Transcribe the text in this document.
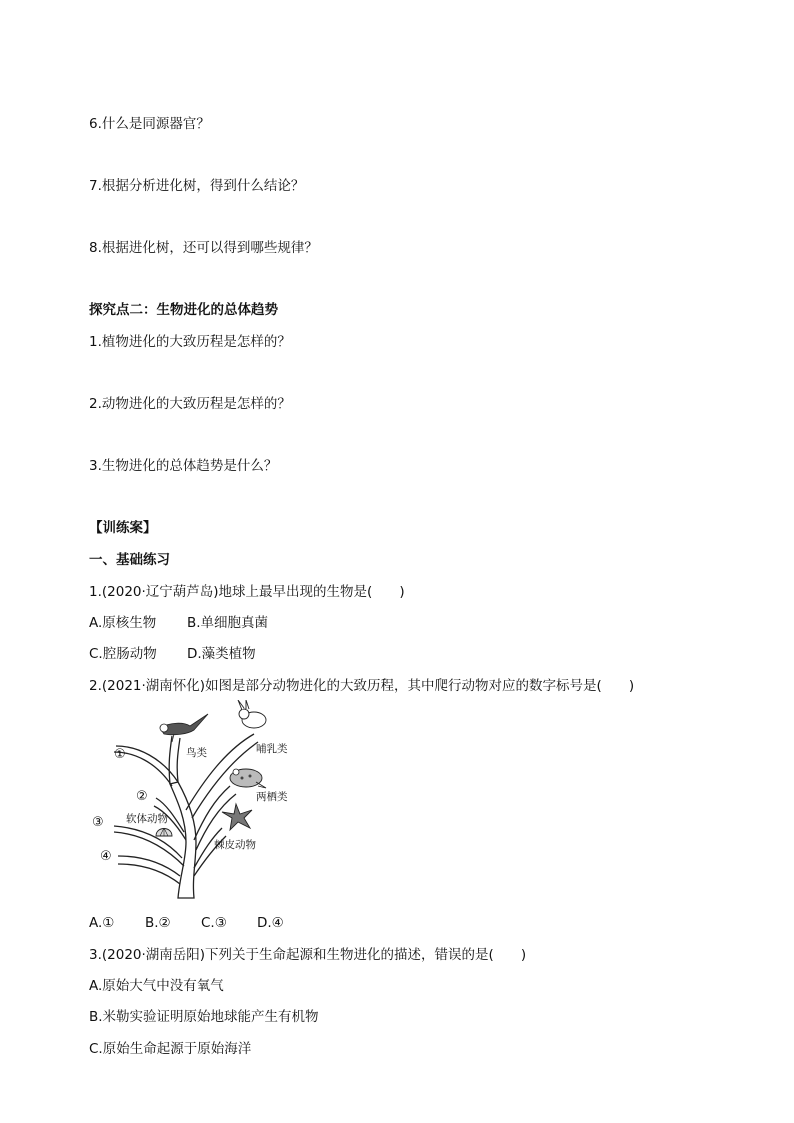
6.什么是同源器官？
7.根据分析进化树，得到什么结论？
8.根据进化树，还可以得到哪些规律？
探究点二：生物进化的总体趋势
1.植物进化的大致历程是怎样的？
2.动物进化的大致历程是怎样的？
3.生物进化的总体趋势是什么？
【训练案】
一、基础练习
1.(2020·辽宁葫芦岛)地球上最早出现的生物是(　　)
A.原核生物 B.单细胞真菌
C.腔肠动物 D.藻类植物
2.(2021·湖南怀化)如图是部分动物进化的大致历程，其中爬行动物对应的数字标号是(　　)
①
②
③
④
鸟类	哺乳类
两栖类
软体动物
棘皮动物
A.① B.② C.③ D.④
3.(2020·湖南岳阳)下列关于生命起源和生物进化的描述，错误的是(　　)
A.原始大气中没有氧气
B.米勒实验证明原始地球能产生有机物
C.原始生命起源于原始海洋
